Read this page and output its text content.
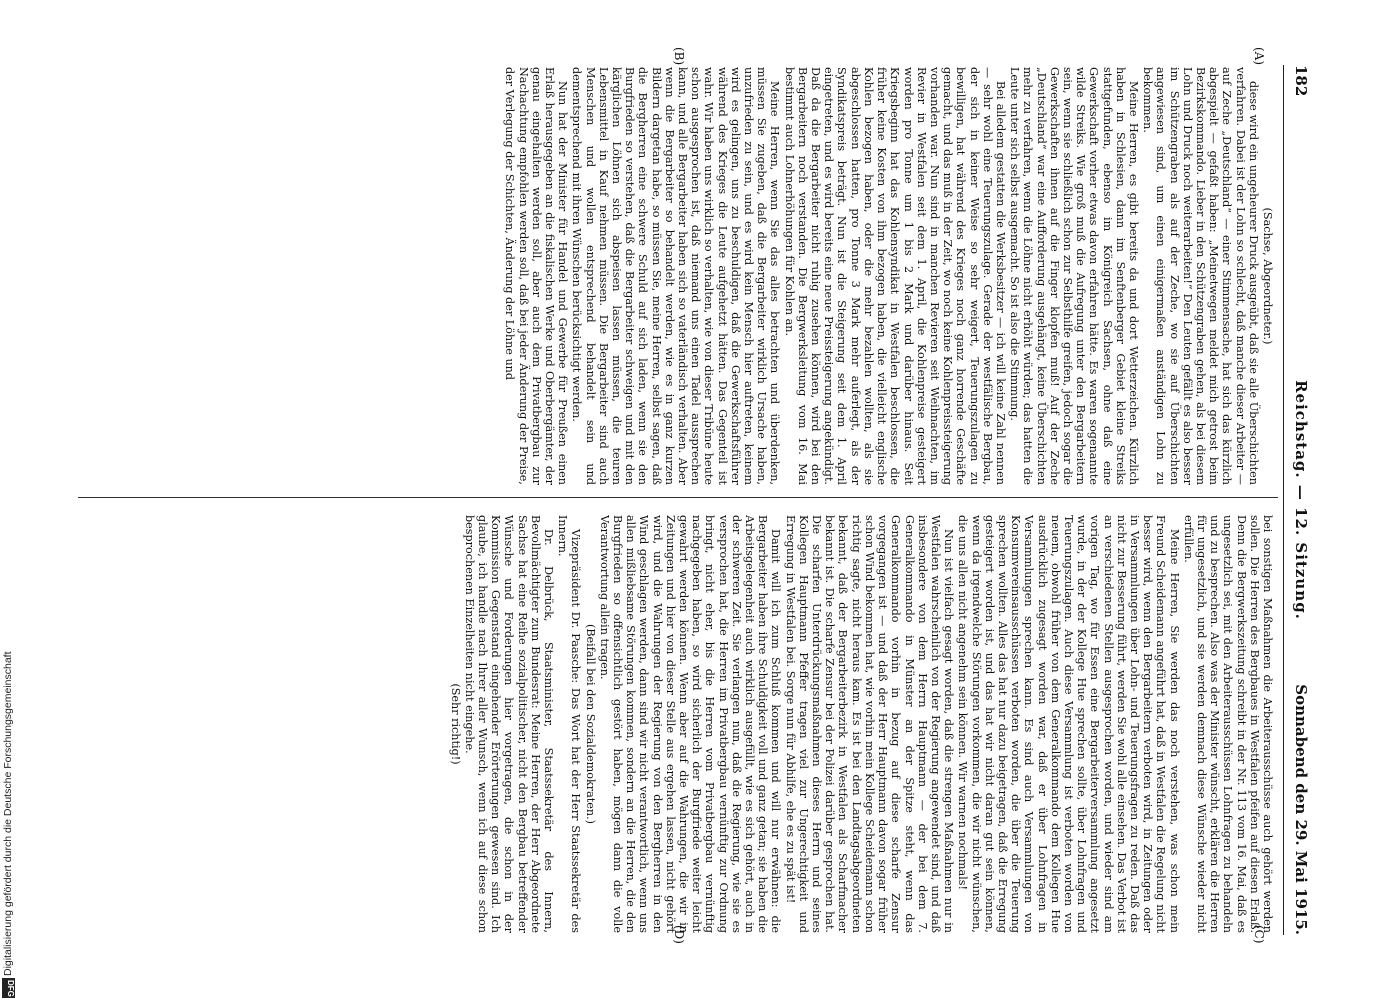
182
Reichstag. — 12. Sitzung.
Sonnabend den 29. Mai 1915.
(A)
(B)
(C)
(D)

(Sachse, Abgeordneter.)

diese wird ein ungeheurer Druck ausgeübt, daß sie alle Überschichten verfahren. Dabei ist der Lohn so schlecht, daß manche dieser Arbeiter — auf Zeche „Deutschland“ — einer Stimmensache, hat sich das kürzlich abgespielt — gefaßt haben: „Meinetwegen meldet mich getrost beim Bezirkskommando. Lieber in den Schützengraben gehen, als bei diesem Lohn und Druck noch weiterarbeiten!“ Den Leuten gefällt es also besser im Schützengraben als auf der Zeche, wo sie auf Überschichten angewiesen sind, um einen einigermaßen anständigen Lohn zu bekommen.

Meine Herren, es gibt bereits da und dort Wetterzeichen. Kürzlich haben in Schlesien, dann im Senftenberger Gebiet kleine Streiks stattgefunden, ebenso im Königreich Sachsen, ohne daß eine Gewerkschaft vorher etwas davon erfahren hätte. Es waren sogenannte wilde Streiks. Wie groß muß die Aufregung unter den Bergarbeitern sein, wenn sie schließlich schon zur Selbsthilfe greifen, jedoch sogar die Gewerkschaften ihnen auf die Finger klopfen muß! Auf der Zeche „Deutschland“ war eine Aufforderung ausgehängt, keine Überschichten mehr zu verfahren, wenn die Löhne nicht erhöht würden; das hatten die Leute unter sich selbst ausgemacht. So ist also die Stimmung.

Bei alledem gestatten die Werksbesitzer — ich will keine Zahl nennen — sehr wohl eine Teuerungszulage. Gerade der westfälische Bergbau, der sich in keiner Weise so sehr weigert, Teuerungszulagen zu bewilligen, hat während des Krieges noch ganz horrende Geschäfte gemacht, und das muß in der Zeit, wo noch keine Kohlenpreissteigerung vorhanden war. Nun sind in manchen Revieren seit Weihnachten, im Revier in Westfalen seit dem 1. April, die Kohlenpreise gesteigert worden pro Tonne um 1 bis 2 Mark und darüber hinaus. Seit Kriegsbeginn hat das Kohlensyndikat in Westfalen beschlossen, die früher keine Kosten von ihm bezogen haben, die vielleicht englische Kohlen bezogen haben, oder die mehr bezahlen wollten, als sie abgeschlossen hatten, pro Tonne 3 Mark mehr auferlegt, als der Syndikatspreis beträgt. Nun ist die Steigerung seit dem 1. April eingetreten, und es wird bereits eine neue Preissteigerung angekündigt. Daß da die Bergarbeiter nicht ruhig zusehen können, wird bei den Bergarbeitern noch verstanden. Die Bergwerksleitung vom 16. Mai bestimmt auch Lohnerhöhungen für Kohlen an.

Meine Herren, wenn Sie das alles betrachten und überdenken, müssen Sie zugeben, daß die Bergarbeiter wirklich Ursache haben, unzufrieden zu sein, und es wird kein Mensch hier auftreten, keinem wird es gelingen, uns zu beschuldigen, daß die Gewerkschaftsführer während des Krieges die Leute aufgehetzt hätten. Das Gegenteil ist wahr. Wir haben uns wirklich so verhalten, wie von dieser Tribüne heute schon ausgesprochen ist, daß niemand uns einen Tadel aussprechen kann, und alle Bergarbeiter haben sich so vaterländisch verhalten. Aber wenn die Bergarbeiter so behandelt werden, wie es in ganz kurzen Bildern dargetan habe, so müssen Sie, meine Herren, selbst sagen, daß die Bergherren eine schwere Schuld auf sich laden, wenn sie den Burgfrieden so verstehen, daß die Bergarbeiter schweigen und mit den kärglichen Löhnen sich abspeisen lassen müssen, die teuren Lebensmittel in Kauf nehmen müssen. Die Bergarbeiter sind auch Menschen und wollen entsprechend behandelt sein und dementsprechend mit ihren Wünschen berücksichtigt werden.

Nun hat der Minister für Handel und Gewerbe für Preußen einen Erlaß herausgegeben an die fiskalischen Werke und Oberbergämter, der genau eingehalten werden soll, aber auch dem Privatbergbau zur Nachachtung empfohlen werden soll, daß bei jeder Änderung der Preise, der Verlegung der Schichten, Änderung der Löhne und

bei sonstigen Maßnahmen die Arbeiterausschüsse auch gehört werden sollen. Die Herren des Bergbaues in Westfalen pfeifen auf diesen Erlaß. Denn die Bergwerkszeitung schreibt in der Nr. 113 vom 16. Mai, daß es ungesetzlich sei, mit den Arbeiterausschüssen Lohnfragen zu behandeln und zu besprechen. Also was der Minister wünscht, erklären die Herren für ungesetzlich, und sie werden demnach diese Wünsche wieder nicht erfüllen.

Meine Herren, Sie werden das noch verstehen, was schon mein Freund Scheidemann angeführt hat, daß in Westfalen die Regelung nicht besser wird, wenn den Bergarbeitern verboten wird, in Zeitungen oder in Versammlungen über Lohn- und Teuerungsfragen zu reden. Daß das nicht zur Besserung führt, werden Sie wohl alle einsehen. Das Verbot ist an verschiedenen Stellen ausgesprochen worden, und wieder sind am vorigen Tag, wo für Essen eine Bergarbeiterversammlung angesetzt wurde, in der der Kollege Hue sprechen sollte, über Lohnfragen und Teuerungszulagen. Auch diese Versammlung ist verboten worden von neuem, obwohl früher von dem Generalkommando dem Kollegen Hue ausdrücklich zugesagt worden war, daß er über Lohnfragen in Versammlungen sprechen kann. Es sind auch Versammlungen von Konsumvereinsausschüssen verboten worden, die über die Teuerung sprechen wollten. Alles das hat nur dazu beigetragen, daß die Erregung gesteigert worden ist, und das hat wir nicht daran gut sein können, wenn da irgendwelche Störungen vorkommen, die wir nicht wünschen, die uns allen nicht angenehm sein können. Wir warnen nochmals!

Nun ist vielfach gesagt worden, daß die strengen Maßnahmen nur in Westfalen wahrscheinlich von der Regierung angewendet sind, und daß insbesondere von dem Herrn Hauptmann — der bei dem 7. Generalkommando in Münster an der Spitze steht, wenn das Generalkommando vorhin in bezug auf diese scharfe Zensur vorgegangen ist — und daß der Herr Hauptmann davon sogar früher schon Wind bekommen hat, wie vorhin mein Kollege Scheidemann schon richtig sagte, nicht heraus kam. Es ist bei den Landtagsabgeordneten bekannt, daß der Bergarbeiterbezirk in Westfalen als Scharfmacher bekannt ist. Die scharfe Zensur bei der Polizei darüber gesprochen hat. Die scharfen Unterdrückungsmaßnahmen dieses Herrn und seines Kollegen Hauptmann Pfeffer tragen viel zur Ungerechtigkeit und Erregung in Westfalen bei. Sorge nun für Abhilfe, ehe es zu spät ist!

Damit will ich zum Schluß kommen und will nur erwähnen: die Bergarbeiter haben ihre Schuldigkeit voll und ganz getan; sie haben die Arbeitsgelegenheit auch wirklich ausgefüllt, wie es sich gehört, auch in der schweren Zeit. Sie verlangen nun, daß die Regierung, wie sie es versprochen hat, die Herren im Privatbergbau vernünftig zur Ordnung bringt, nicht eher, bis die Herren vom Privatbergbau vernünftig nachgegeben haben, so wird sicherlich der Burgfriede weiter leicht gewahrt werden können. Wenn aber auf die Wahrungen, die wir in Zeitungen und hier von dieser Stelle aus ergehen lassen, nicht gehört wird, und die Wahrungen der Regierung von den Bergherren in den Wind geschlagen werden, dann sind wir nicht verantwortlich, wenn uns allen mißliebsame Störungen kommen, sondern an die Herren, die den Burgfrieden so offensichtlich gestört haben, mögen dann die volle Verantwortung allein tragen.

(Beifall bei den Sozialdemokraten.)

Vizepräsident Dr. Paasche: Das Wort hat der Herr Staatssekretär des Innern.

Dr. Delbrück, Staatsminister, Staatssekretär des Innern, Bevollmächtigter zum Bundesrat: Meine Herren, der Herr Abgeordnete Sachse hat eine Reihe sozialpolitischer, nicht den Bergbau betreffender Wünsche und Forderungen hier vorgetragen, die schon in der Kommission Gegenstand eingehender Erörterungen gewesen sind. Ich glaube, ich handle nach Ihrer aller Wunsch, wenn ich auf diese schon besprochenen Einzelheiten nicht eingehe.

(Sehr richtig!)

Digitalisierung gefördert durch die Deutsche Forschungsgemeinschaft
DFG
